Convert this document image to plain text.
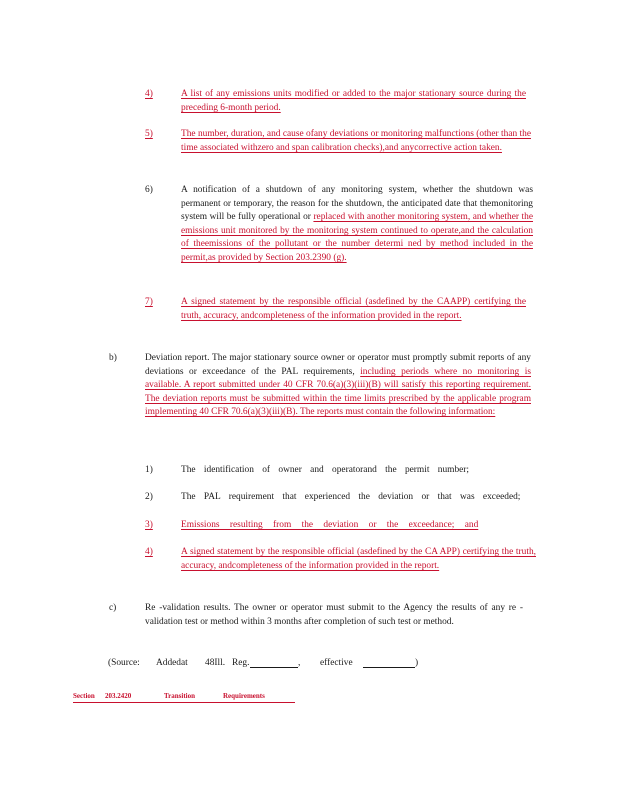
4)	A list of any emissions units modified or added to the major stationary source during the preceding 6-month period.
5)	The number, duration, and cause ofany deviations or monitoring malfunctions (other than the time associated withzero and span calibration checks),and anycorrective action taken.
6)	A notification of a shutdown of any monitoring system, whether the shutdown was permanent or temporary, the reason for the shutdown, the anticipated date that themonitoring system will be fully operational or replaced with another monitoring system, and whether the emissions unit monitored by the monitoring system continued to operate,and the calculation of theemissions of the pollutant or the number determi ned by method included in the permit,as provided by Section 203.2390 (g).
7)	A signed statement by the responsible official (asdefined by the CAAPP) certifying the truth, accuracy, andcompleteness of the information provided in the report.
b)	Deviation report. The major stationary source owner or operator must promptly submit reports of any deviations or exceedance of the PAL requirements, including periods where no monitoring is available. A report submitted under 40 CFR 70.6(a)(3)(iii)(B) will satisfy this reporting requirement. The deviation reports must be submitted within the time limits prescribed by the applicable program implementing 40 CFR 70.6(a)(3)(iii)(B). The reports must contain the following information:
1)	The identification of owner and operatorand the permit number;
2)	The PAL requirement that experienced the deviation or that was exceeded;
3)	Emissions resulting from the deviation or the exceedance; and
4)	A signed statement by the responsible official (asdefined by the CA APP) certifying the truth, accuracy, andcompleteness of the information provided in the report.
c)	Re -validation results. The owner or operator must submit to the Agency the results of any re -validation test or method within 3 months after completion of such test or method.
(Source: Addedat 48Ill. Reg.	, effective	)
Section 203.2420	Transition	Requirements
